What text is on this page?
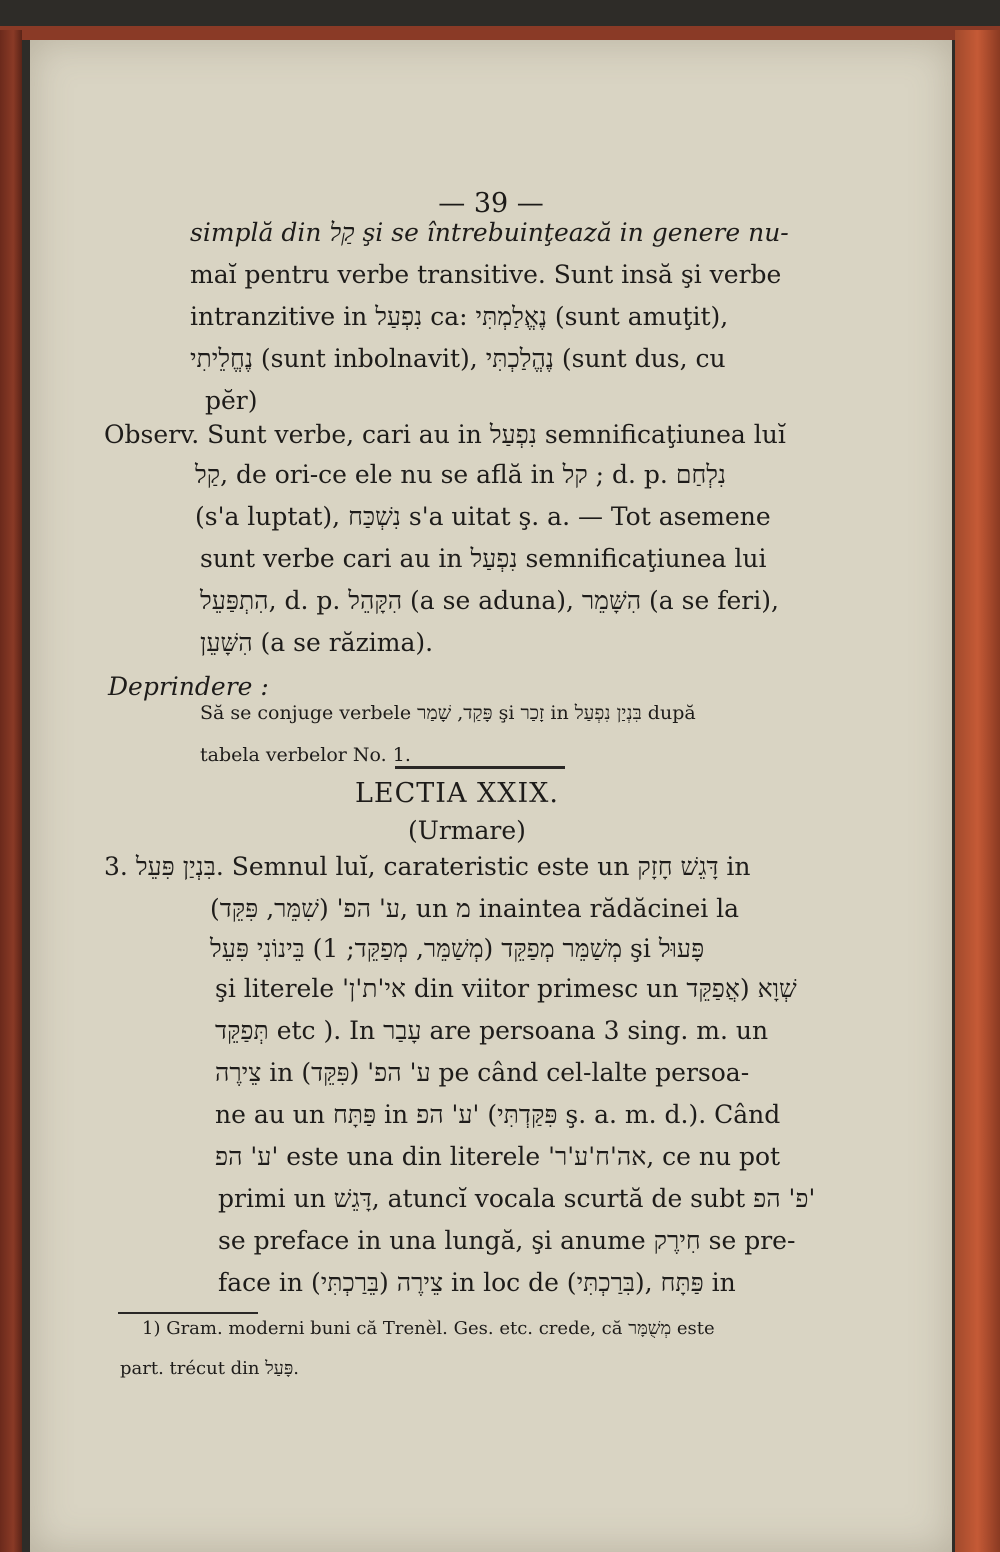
— 39 —
simplă din קַל şi se întrebuinţează in genere nu-
maĭ pentru verbe transitive. Sunt insă şi verbe
intranzitive in נִפְעַל ca: נֶאֱלַמְתִּי (sunt amuţit),
נֶחֱלֵיתִי (sunt inbolnavit), נֶהֱלַכְתִּי (sunt dus, cu
pĕr)
Observ. Sunt verbe, cari au in נִפְעַל semnificaţiunea luĭ
קַל, de ori-ce ele nu se află in קל ; d. p. נִלְחַם
(s'a luptat), נִשְׁכַּח s'a uitat ş. a. — Tot asemene
sunt verbe cari au in נִפְעַל semnificaţiunea lui
הִתְפַּעֵל, d. p. הִקָּהֵל (a se aduna), הִשָּׁמֵר (a se feri),
הִשָּׁעֵן (a se răzima).
Deprindere :
Să se conjuge verbele פָּקַד, שָׁמַר şi זָכַר in בִּנְיַן נִפְעַל după
tabela verbelor No. 1.
LECTIA XXIX.
(Urmare)
3. בִּנְיַן פִּעֵל. Semnul luĭ, carateristic este un דָּגֵשׁ חָזָק in
ע' הפ' (שִׁמֵּר, פִּקֵּד), un מ inaintea rădăcinei la
מְשַׁמֵּר מְפַקֵּד (מְשַׁמֵּר, מְפַקֵּד; 1) בֵּינוֹנִי פִּעֵל şi פָּעוּל
şi literele 'אי'ת'ן din viitor primesc un שְׁוָא (אֲפַקֵּד
תְּפַקֵּד etc ). In עָבַר are persoana 3 sing. m. un
צֵירֶה in ע' הפ' (פִּקֵּד) pe când cel-lalte persoa-
ne au un פַּתָּח in ע' הפ' (פִּקַּדְתִּי ş. a. m. d.). Când
ע' הפ' este una din literele 'אה'ח'ע'ר, ce nu pot
primi un דָּגֵשׁ, atuncĭ vocala scurtă de subt פ' הפ'
se preface in una lungă, şi anume חִירֶק se pre-
face in צֵירֶה (בֵּרַכְתִּי) in loc de (בִּרַכְתִּי), פַּתָּח in
1) Gram. moderni buni că Trenèl. Ges. etc. crede, că מְשֻׁמָּר este
part. trécut din פָּעַל.
